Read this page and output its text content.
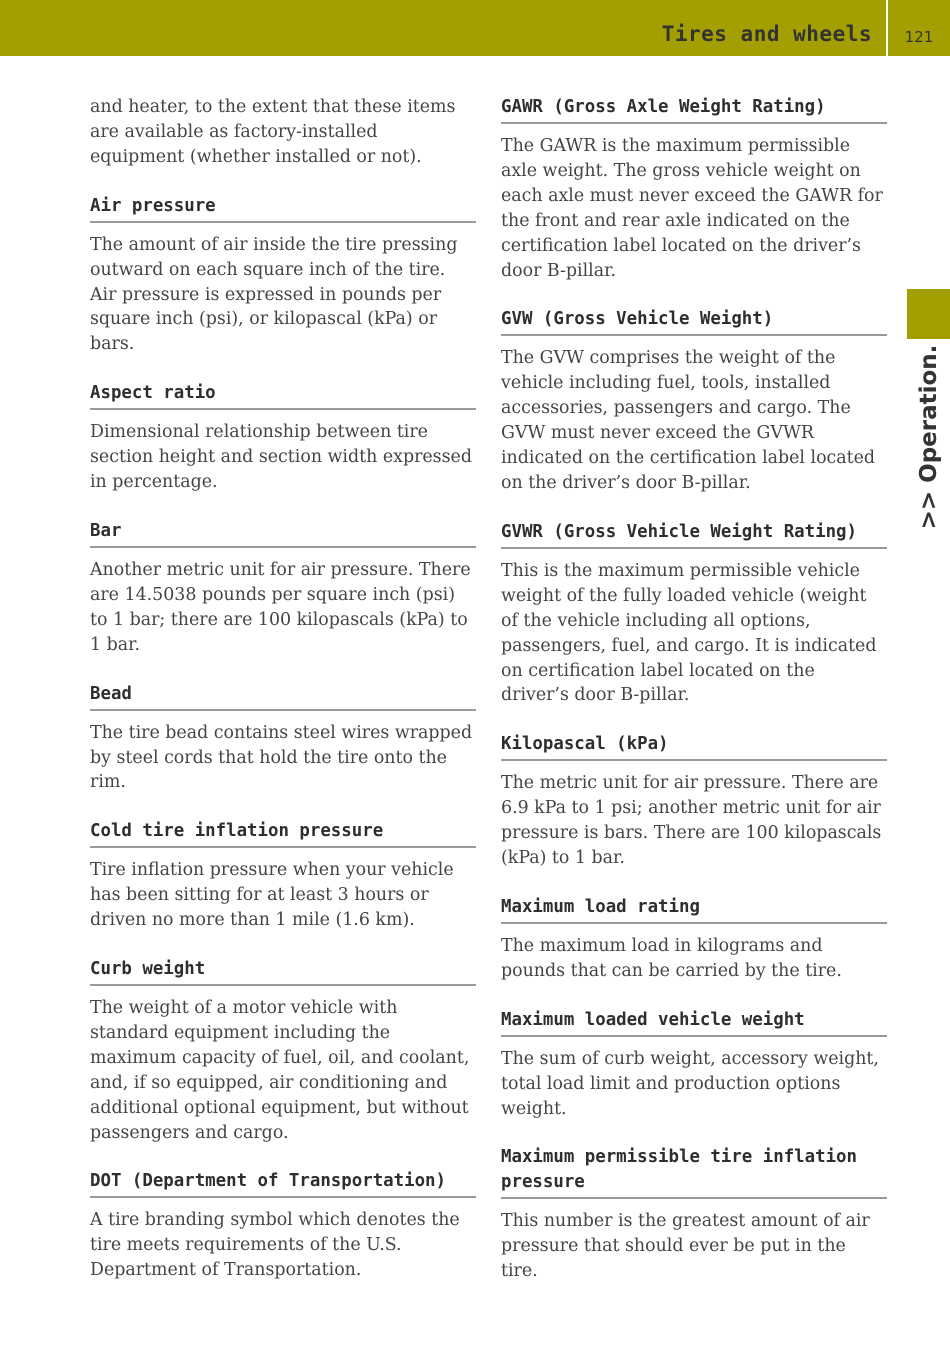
Tires and wheels	121
>> Operation.

and heater, to the extent that these items are available as factory-installed equipment (whether installed or not).

Air pressure

The amount of air inside the tire pressing outward on each square inch of the tire. Air pressure is expressed in pounds per square inch (psi), or kilopascal (kPa) or bars.

Aspect ratio

Dimensional relationship between tire section height and section width expressed in percentage.

Bar

Another metric unit for air pressure. There are 14.5038 pounds per square inch (psi) to 1 bar; there are 100 kilopascals (kPa) to 1 bar.

Bead

The tire bead contains steel wires wrapped by steel cords that hold the tire onto the rim.

Cold tire inflation pressure

Tire inflation pressure when your vehicle has been sitting for at least 3 hours or driven no more than 1 mile (1.6 km).

Curb weight

The weight of a motor vehicle with standard equipment including the maximum capacity of fuel, oil, and coolant, and, if so equipped, air conditioning and additional optional equipment, but without passengers and cargo.

DOT (Department of Transportation)

A tire branding symbol which denotes the tire meets requirements of the U.S. Department of Transportation.

GAWR (Gross Axle Weight Rating)

The GAWR is the maximum permissible axle weight. The gross vehicle weight on each axle must never exceed the GAWR for the front and rear axle indicated on the certification label located on the driver’s door B-pillar.

GVW (Gross Vehicle Weight)

The GVW comprises the weight of the vehicle including fuel, tools, installed accessories, passengers and cargo. The GVW must never exceed the GVWR indicated on the certification label located on the driver’s door B-pillar.

GVWR (Gross Vehicle Weight Rating)

This is the maximum permissible vehicle weight of the fully loaded vehicle (weight of the vehicle including all options, passengers, fuel, and cargo. It is indicated on certification label located on the driver’s door B-pillar.

Kilopascal (kPa)

The metric unit for air pressure. There are 6.9 kPa to 1 psi; another metric unit for air pressure is bars. There are 100 kilopascals (kPa) to 1 bar.

Maximum load rating

The maximum load in kilograms and pounds that can be carried by the tire.

Maximum loaded vehicle weight

The sum of curb weight, accessory weight, total load limit and production options weight.

Maximum permissible tire inflation pressure

This number is the greatest amount of air pressure that should ever be put in the tire.
